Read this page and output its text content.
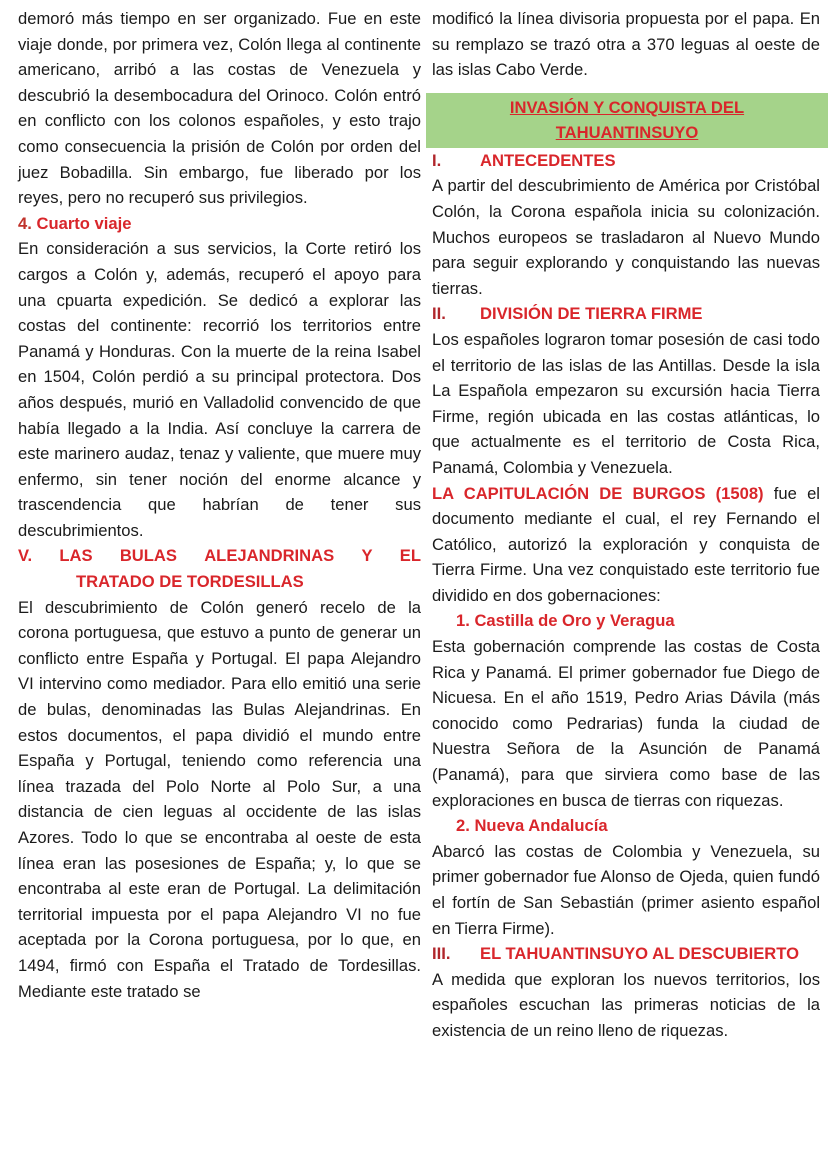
demoró más tiempo en ser organizado. Fue en este viaje donde, por primera vez, Colón llega al continente americano, arribó a las costas de Venezuela y descubrió la desembocadura del Orinoco. Colón entró en conflicto con los colonos españoles, y esto trajo como consecuencia la prisión de Colón por orden del juez Bobadilla. Sin embargo, fue liberado por los reyes, pero no recuperó sus privilegios.

4. Cuarto viaje

En consideración a sus servicios, la Corte retiró los cargos a Colón y, además, recuperó el apoyo para una cpuarta expedición. Se dedicó a explorar las costas del continente: recorrió los territorios entre Panamá y Honduras. Con la muerte de la reina Isabel en 1504, Colón perdió a su principal protectora. Dos años después, murió en Valladolid convencido de que había llegado a la India. Así concluye la carrera de este marinero audaz, tenaz y valiente, que muere muy enfermo, sin tener noción del enorme alcance y trascendencia que habrían de tener sus descubrimientos.

V. LAS BULAS ALEJANDRINAS Y EL
TRATADO DE TORDESILLAS

El descubrimiento de Colón generó recelo de la corona portuguesa, que estuvo a punto de generar un conflicto entre España y Portugal. El papa Alejandro VI intervino como mediador. Para ello emitió una serie de bulas, denominadas las Bulas Alejandrinas. En estos documentos, el papa dividió el mundo entre España y Portugal, teniendo como referencia una línea trazada del Polo Norte al Polo Sur, a una distancia de cien leguas al occidente de las islas Azores. Todo lo que se encontraba al oeste de esta línea eran las posesiones de España; y, lo que se encontraba al este eran de Portugal. La delimitación territorial impuesta por el papa Alejandro VI no fue aceptada por la Corona portuguesa, por lo que, en 1494, firmó con España el Tratado de Tordesillas. Mediante este tratado se

modificó la línea divisoria propuesta por el papa. En su remplazo se trazó otra a 370 leguas al oeste de las islas Cabo Verde.

INVASIÓN Y CONQUISTA DEL
TAHUANTINSUYO
I.	ANTECEDENTES

A partir del descubrimiento de América por Cristóbal Colón, la Corona española inicia su colonización. Muchos europeos se trasladaron al Nuevo Mundo para seguir explorando y conquistando las nuevas tierras.

II.	DIVISIÓN DE TIERRA FIRME

Los españoles lograron tomar posesión de casi todo el territorio de las islas de las Antillas. Desde la isla La Española empezaron su excursión hacia Tierra Firme, región ubicada en las costas atlánticas, lo que actualmente es el territorio de Costa Rica, Panamá, Colombia y Venezuela.

LA CAPITULACIÓN DE BURGOS (1508) fue el documento mediante el cual, el rey Fernando el Católico, autorizó la exploración y conquista de Tierra Firme. Una vez conquistado este territorio fue dividido en dos gobernaciones:

1. Castilla de Oro y Veragua

Esta gobernación comprende las costas de Costa Rica y Panamá. El primer gobernador fue Diego de Nicuesa. En el año 1519, Pedro Arias Dávila (más conocido como Pedrarias) funda la ciudad de Nuestra Señora de la Asunción de Panamá (Panamá), para que sirviera como base de las exploraciones en busca de tierras con riquezas.

2. Nueva Andalucía

Abarcó las costas de Colombia y Venezuela, su primer gobernador fue Alonso de Ojeda, quien fundó el fortín de San Sebastián (primer asiento español en Tierra Firme).

III.	EL TAHUANTINSUYO AL DESCUBIERTO

A medida que exploran los nuevos territorios, los españoles escuchan las primeras noticias de la existencia de un reino lleno de riquezas.
